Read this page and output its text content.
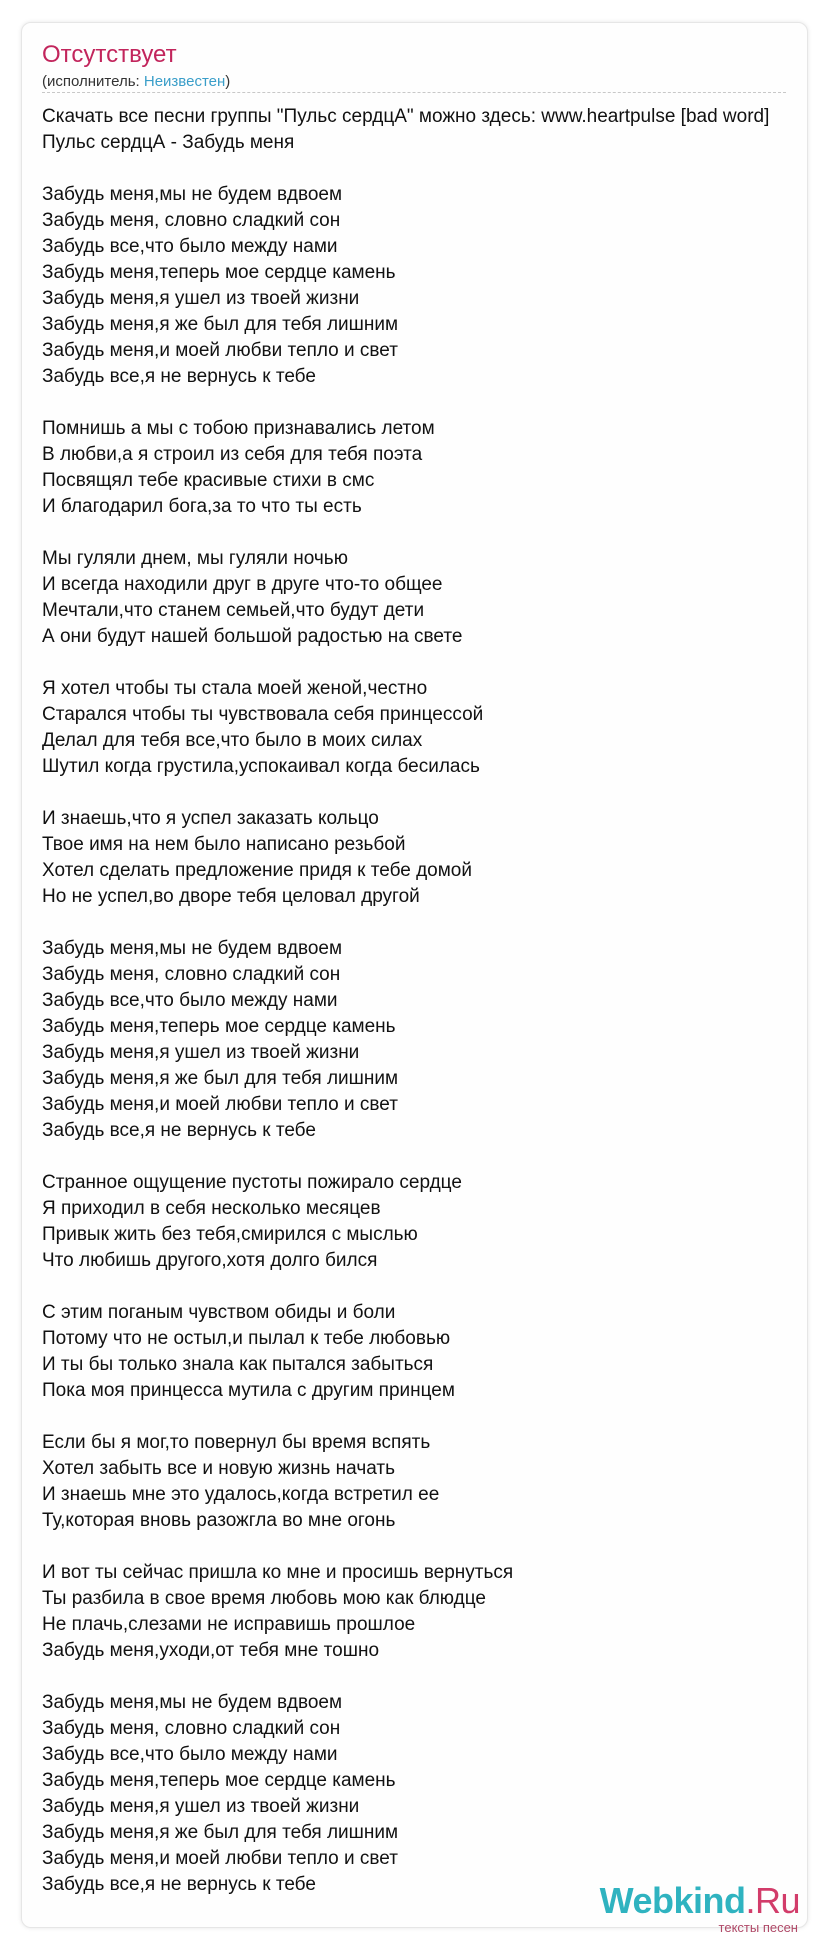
Отсутствует
(исполнитель: Неизвестен)
Скачать все песни группы "Пульс сердцА" можно здесь: www.heartpulse [bad word]
Пульс сердцА - Забудь меня
Забудь меня,мы не будем вдвоем
Забудь меня, словно сладкий сон
Забудь все,что было между нами
Забудь меня,теперь мое сердце камень
Забудь меня,я ушел из твоей жизни
Забудь меня,я же был для тебя лишним
Забудь меня,и моей любви тепло и свет
Забудь все,я не вернусь к тебе
Помнишь а мы с тобою признавались летом
В любви,а я строил из себя для тебя поэта
Посвящял тебе красивые стихи в смс
И благодарил бога,за то что ты есть
Мы гуляли днем, мы гуляли ночью
И всегда находили друг в друге что-то общее
Мечтали,что станем семьей,что будут дети
А они будут нашей большой радостью на свете
Я хотел чтобы ты стала моей женой,честно
Старался чтобы ты чувствовала себя принцессой
Делал для тебя все,что было в моих силах
Шутил когда грустила,успокаивал когда бесилась
И знаешь,что я успел заказать кольцо
Твое имя на нем было написано резьбой
Хотел сделать предложение придя к тебе домой
Но не успел,во дворе тебя целовал другой
Забудь меня,мы не будем вдвоем
Забудь меня, словно сладкий сон
Забудь все,что было между нами
Забудь меня,теперь мое сердце камень
Забудь меня,я ушел из твоей жизни
Забудь меня,я же был для тебя лишним
Забудь меня,и моей любви тепло и свет
Забудь все,я не вернусь к тебе
Странное ощущение пустоты пожирало сердце
Я приходил в себя несколько месяцев
Привык жить без тебя,смирился с мыслью
Что любишь другого,хотя долго бился
С этим поганым чувством обиды и боли
Потому что не остыл,и пылал к тебе любовью
И ты бы только знала как пытался забыться
Пока моя принцесса мутила с другим принцем
Если бы я мог,то повернул бы время вспять
Хотел забыть все и новую жизнь начать
И знаешь мне это удалось,когда встретил ее
Ту,которая вновь разожгла во мне огонь
И вот ты сейчас пришла ко мне и просишь вернуться
Ты разбила в свое время любовь мою как блюдце
Не плачь,слезами не исправишь прошлое
Забудь меня,уходи,от тебя мне тошно
Забудь меня,мы не будем вдвоем
Забудь меня, словно сладкий сон
Забудь все,что было между нами
Забудь меня,теперь мое сердце камень
Забудь меня,я ушел из твоей жизни
Забудь меня,я же был для тебя лишним
Забудь меня,и моей любви тепло и свет
Забудь все,я не вернусь к тебе	Webkind.Ru
тексты песен
